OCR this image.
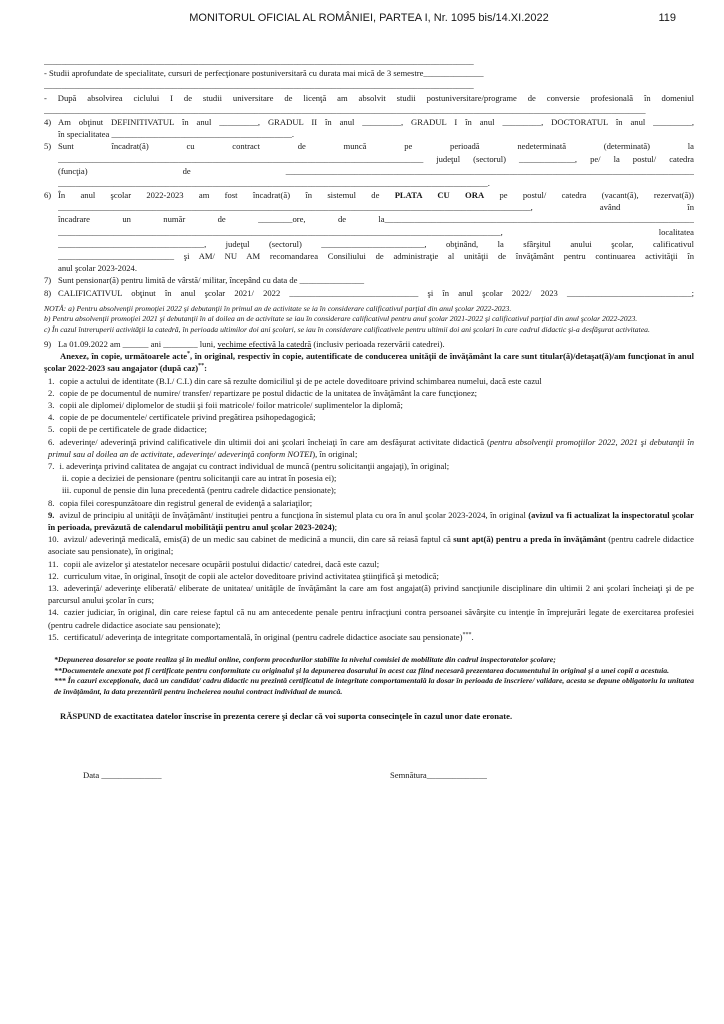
MONITORUL OFICIAL AL ROMÂNIEI, PARTEA I, Nr. 1095 bis/14.XI.2022	119
____________________________________________________________________________________________________
- Studii aprofundate de specialitate, cursuri de perfecţionare postuniversitară cu durata mai mică de 3 semestre______________
____________________________________________________________________________________________________
- După absolvirea ciclului I de studii universitare de licenţă am absolvit studii postuniversitare/programe de conversie profesională în domeniul
____________________________________________________________________________________________________________________________________________
4) Am obţinut DEFINITIVATUL în anul _________, GRADUL II în anul _________, GRADUL I în anul _________, DOCTORATUL în anul _________,
în specialitatea __________________________________________.
5) Sunt încadrat(ă) cu contract de muncă pe perioadă nedeterminată (determinată) la
_____________________________________________________________________________________ judeţul (sectorul) _____________, pe/ la postul/ catedra
(funcţia)	de	_______________________________________________________________________________________________
____________________________________________________________________________________________________.
6) În anul şcolar 2022-2023 am fost încadrat(ă) în sistemul de PLATA CU ORA pe postul/ catedra (vacant(ă), rezervat(ă))
______________________________________________________________________________________________________________, având în
încadrare un număr de ________ore, de la________________________________________________________________________
_______________________________________________________________________________________________________, localitatea
__________________________________, judeţul (sectorul) ________________________, obţinând, la sfârşitul anului şcolar, calificativul
___________________________ şi AM/ NU AM recomandarea Consiliului de administraţie al unităţii de învăţământ pentru continuarea activităţii în
anul şcolar 2023-2024.
7) Sunt pensionar(ă) pentru limită de vârstă/ militar, începând cu data de _______________
8) CALIFICATIVUL obţinut în anul şcolar 2021/ 2022 ______________________________ şi în anul şcolar 2022/ 2023 _____________________________;
NOTĂ: a) Pentru absolvenţii promoţiei 2022 şi debutanţii în primul an de activitate se ia în considerare calificativul parţial din anul şcolar 2022-2023.
b) Pentru absolvenţii promoţiei 2021 şi debutanţii în al doilea an de activitate se iau în considerare calificativul pentru anul şcolar 2021-2022 şi calificativul parţial din anul şcolar 2022-2023.
c) În cazul întreruperii activităţii la catedră, în perioada ultimilor doi ani şcolari, se iau în considerare calificativele pentru ultimii doi ani şcolari în care cadrul didactic şi-a desfăşurat activitatea.
9) La 01.09.2022 am ______ ani ________ luni, vechime efectivă la catedră (inclusiv perioada rezervării catedrei).
Anexez, în copie, următoarele acte*, în original, respectiv în copie, autentificate de conducerea unităţii de învăţământ la care sunt titular(ă)/detaşat(ă)/am funcţionat în anul şcolar 2022-2023 sau angajator (după caz)**:
1. copie a actului de identitate (B.I./ C.I.) din care să rezulte domiciliul şi de pe actele doveditoare privind schimbarea numelui, dacă este cazul
2. copie de pe documentul de numire/ transfer/ repartizare pe postul didactic de la unitatea de învăţământ la care funcţionez;
3. copii ale diplomei/ diplomelor de studii şi foii matricole/ foilor matricole/ suplimentelor la diplomă;
4. copie de pe documentele/ certificatele privind pregătirea psihopedagogică;
5. copii de pe certificatele de grade didactice;
6. adeverinţe/ adeverinţă privind calificativele din ultimii doi ani şcolari încheiaţi în care am desfăşurat activitate didactică (pentru absolvenţii promoţiilor 2022, 2021 şi debutanţii în primul sau al doilea an de activitate, adeverinţe/ adeverinţă conform NOTEI), în original;
7. i. adeverinţa privind calitatea de angajat cu contract individual de muncă (pentru solicitanţii angajaţi), în original;
ii. copie a deciziei de pensionare (pentru solicitanţii care au intrat în posesia ei);
iii. cuponul de pensie din luna precedentă (pentru cadrele didactice pensionate);
8. copia filei corespunzătoare din registrul general de evidenţă a salariaţilor;
9. avizul de principiu al unităţii de învăţământ/ instituţiei pentru a funcţiona în sistemul plata cu ora în anul şcolar 2023-2024, în original (avizul va fi actualizat la inspectoratul şcolar în perioada, prevăzută de calendarul mobilităţii pentru anul şcolar 2023-2024);
10. avizul/ adeverinţă medicală, emis(ă) de un medic sau cabinet de medicină a muncii, din care să reiasă faptul că sunt apt(ă) pentru a preda în învăţământ (pentru cadrele didactice asociate sau pensionate), în original;
11. copii ale avizelor şi atestatelor necesare ocupării postului didactic/ catedrei, dacă este cazul;
12. curriculum vitae, în original, însoţit de copii ale actelor doveditoare privind activitatea ştiinţifică şi metodică;
13. adeverinţă/ adeverinţe eliberată/ eliberate de unitatea/ unităţile de învăţământ la care am fost angajat(ă) privind sancţiunile disciplinare din ultimii 2 ani şcolari încheiaţi şi de pe parcursul anului şcolar în curs;
14. cazier judiciar, în original, din care reiese faptul că nu am antecedente penale pentru infracţiuni contra persoanei săvârşite cu intenţie în împrejurări legate de exercitarea profesiei (pentru cadrele didactice asociate sau pensionate);
15. certificatul/ adeverinţa de integritate comportamentală, în original (pentru cadrele didactice asociate sau pensionate)***.
*Depunerea dosarelor se poate realiza şi în mediul online, conform procedurilor stabilite la nivelul comisiei de mobilitate din cadrul inspectoratelor şcolare;
**Documentele anexate pot fi certificate pentru conformitate cu originalul şi la depunerea dosarului în acest caz fiind necesară prezentarea documentului în original şi a unei copii a acestuia.
*** În cazuri excepţionale, dacă un candidat/ cadru didactic nu prezintă certificatul de integritate comportamentală la dosar în perioada de înscriere/ validare, acesta se depune obligatoriu la unitatea de învăţământ, la data prezentării pentru încheierea noului contract individual de muncă.
RĂSPUND de exactitatea datelor înscrise în prezenta cerere şi declar că voi suporta consecinţele în cazul unor date eronate.
Data ______________	Semnătura______________
